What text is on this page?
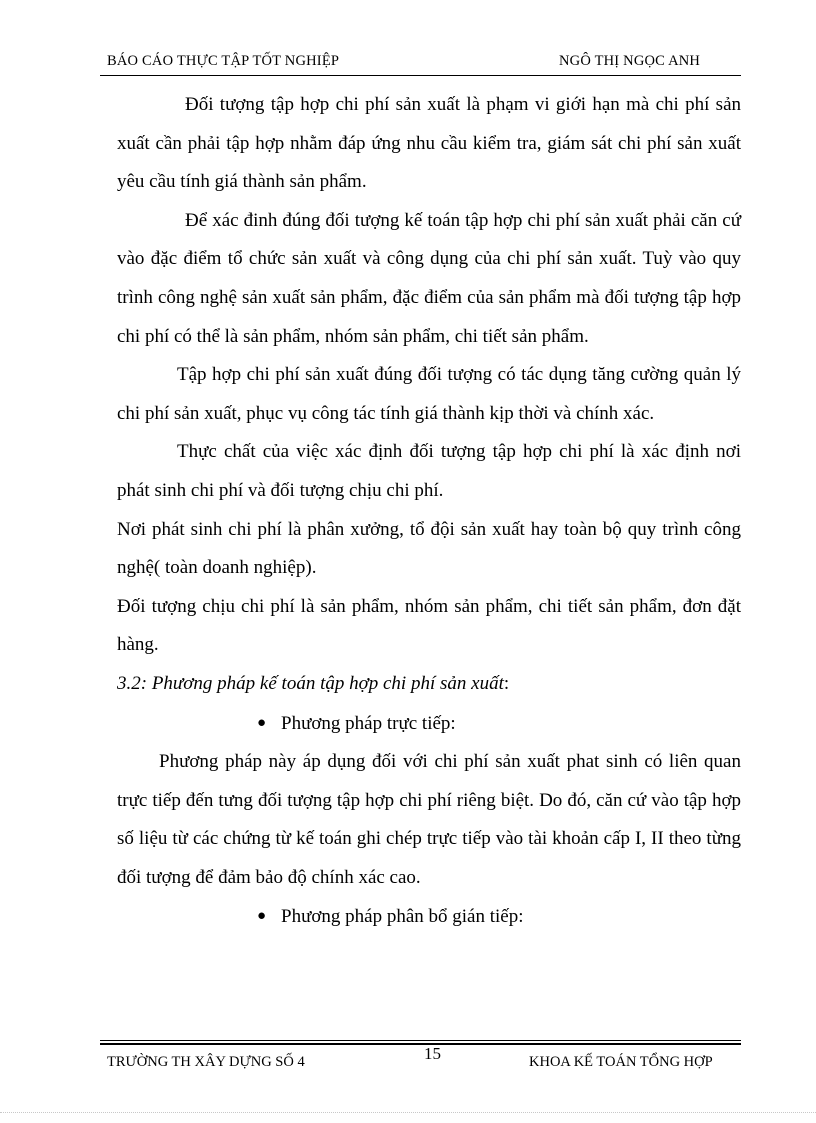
BÁO CÁO THỰC TẬP TỐT NGHIỆP	NGÔ THỊ NGỌC ANH

Đối tượng tập hợp chi phí sản xuất là phạm vi giới hạn mà chi phí sản xuất cần phải tập hợp nhằm đáp ứng nhu cầu kiểm tra, giám sát chi phí sản xuất yêu cầu tính giá thành sản phẩm.

Để xác đinh đúng đối tượng kế toán tập hợp chi phí sản xuất phải căn cứ vào đặc điểm tổ chức sản xuất và công dụng của chi phí sản xuất. Tuỳ vào quy trình công nghệ sản xuất sản phẩm, đặc điểm của sản phẩm mà đối tượng tập hợp chi phí có thể là sản phẩm, nhóm sản phẩm, chi tiết sản phẩm.

Tập hợp chi phí sản xuất đúng đối tượng có tác dụng tăng cường quản lý chi phí sản xuất, phục vụ công tác tính giá thành kịp thời và chính xác.

Thực chất của việc xác định đối tượng tập hợp chi phí là xác định nơi phát sinh chi phí và đối tượng chịu chi phí.

Nơi phát sinh chi phí là phân xưởng, tổ đội sản xuất hay toàn bộ quy trình công nghệ( toàn doanh nghiệp).

Đối tượng chịu chi phí là sản phẩm, nhóm sản phẩm, chi tiết sản phẩm, đơn đặt hàng.

3.2: Phương pháp kế toán tập hợp chi phí sản xuất:

● Phương pháp trực tiếp:

Phương pháp này áp dụng đối với chi phí sản xuất phat sinh có liên quan trực tiếp đến tưng đối tượng tập hợp chi phí riêng biệt. Do đó, căn cứ vào tập hợp số liệu từ các chứng từ kế toán ghi chép trực tiếp vào tài khoản cấp I, II theo từng đối tượng để đảm bảo độ chính xác cao.

● Phương pháp phân bổ gián tiếp:

TRƯỜNG TH XÂY DỰNG SỐ 4	15	KHOA KẾ TOÁN TỔNG HỢP
